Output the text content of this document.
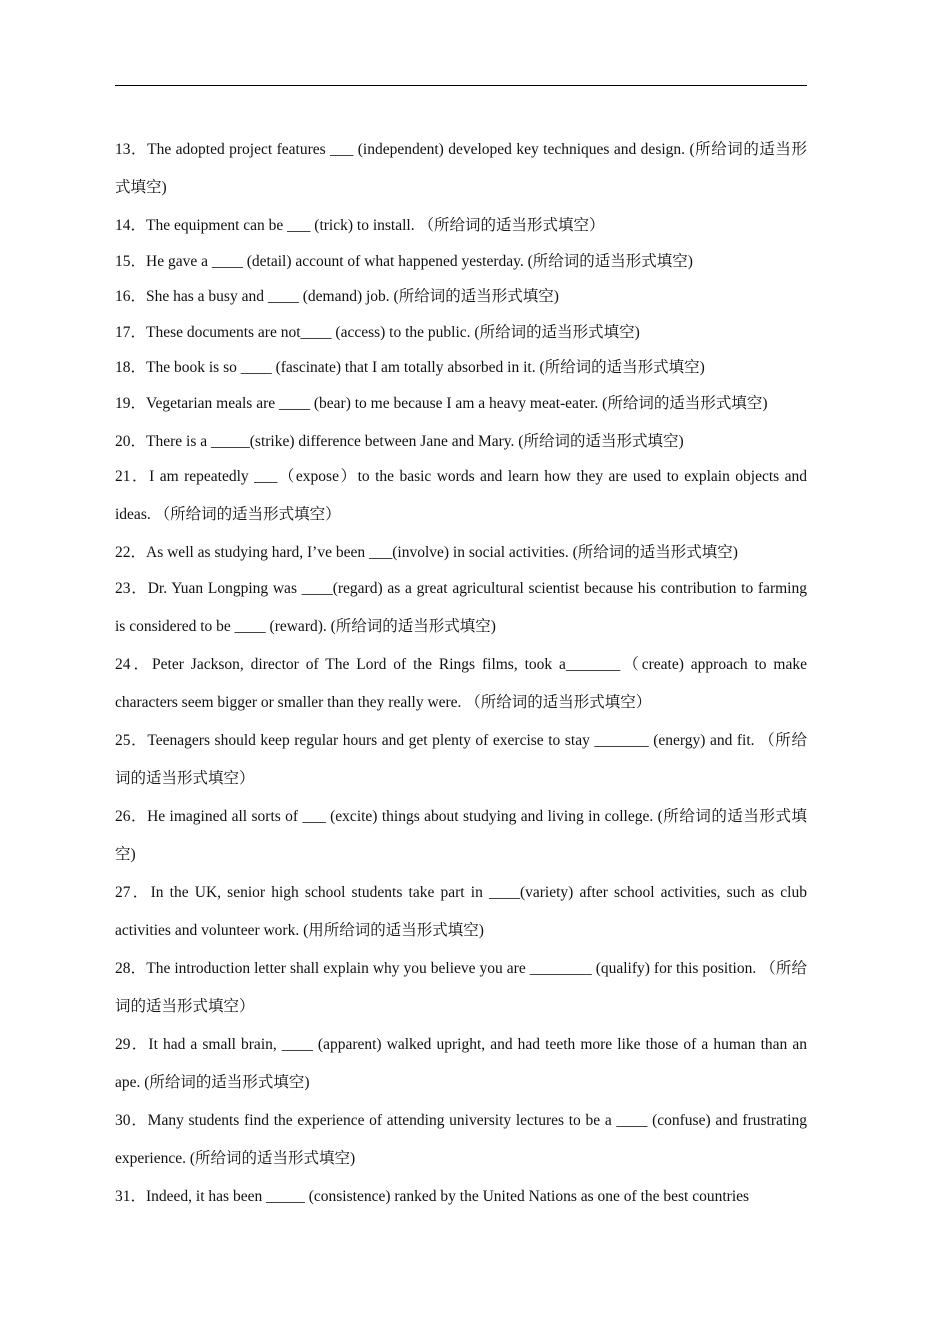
13．The adopted project features ___ (independent) developed key techniques and design. (所给词的适当形式填空)
14．The equipment can be ___ (trick) to install. （所给词的适当形式填空）
15．He gave a ____ (detail) account of what happened yesterday. (所给词的适当形式填空)
16．She has a busy and ____ (demand) job. (所给词的适当形式填空)
17．These documents are not____ (access) to the public. (所给词的适当形式填空)
18．The book is so ____ (fascinate) that I am totally absorbed in it. (所给词的适当形式填空)
19．Vegetarian meals are ____ (bear) to me because I am a heavy meat-eater. (所给词的适当形式填空)
20．There is a _____(strike) difference between Jane and Mary. (所给词的适当形式填空)
21．I am repeatedly ___（expose）to the basic words and learn how they are used to explain objects and ideas. （所给词的适当形式填空）
22．As well as studying hard, I’ve been ___(involve) in social activities. (所给词的适当形式填空)
23．Dr. Yuan Longping was ____(regard) as a great agricultural scientist because his contribution to farming is considered to be ____ (reward). (所给词的适当形式填空)
24．Peter Jackson, director of The Lord of the Rings films, took a_______（create) approach to make characters seem bigger or smaller than they really were. （所给词的适当形式填空）
25．Teenagers should keep regular hours and get plenty of exercise to stay _______ (energy) and fit. （所给词的适当形式填空）
26．He imagined all sorts of ___ (excite) things about studying and living in college. (所给词的适当形式填空)
27．In the UK, senior high school students take part in ____(variety) after school activities, such as club activities and volunteer work. (用所给词的适当形式填空)
28．The introduction letter shall explain why you believe you are ________ (qualify) for this position. （所给词的适当形式填空）
29．It had a small brain, ____ (apparent) walked upright, and had teeth more like those of a human than an ape. (所给词的适当形式填空)
30．Many students find the experience of attending university lectures to be a ____ (confuse) and frustrating experience. (所给词的适当形式填空)
31．Indeed, it has been _____ (consistence) ranked by the United Nations as one of the best countries
